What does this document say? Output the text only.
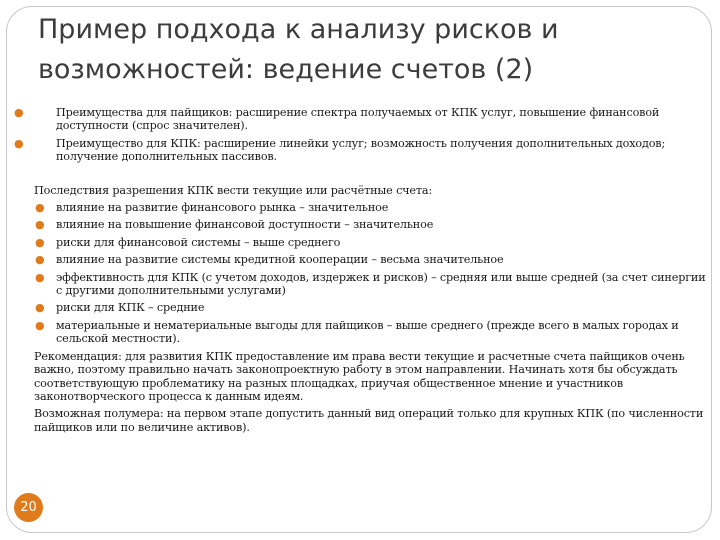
Пример подхода к анализу рисков и
возможностей: ведение счетов (2)
●	Преимущества для пайщиков: расширение спектра получаемых от КПК услуг, повышение финансовой доступности (спрос значителен).
●	Преимущество для КПК: расширение линейки услуг; возможность получения дополнительных доходов; получение дополнительных пассивов.

Последствия разрешения КПК вести текущие или расчётные счета:

● влияние на развитие финансового рынка – значительное
● влияние на повышение финансовой доступности – значительное
● риски для финансовой системы – выше среднего
● влияние на развитие системы кредитной кооперации – весьма значительное
● эффективность для КПК (с учетом доходов, издержек и рисков) – средняя или выше средней (за счет синергии с другими дополнительными услугами)
● риски для КПК – средние
● материальные и нематериальные выгоды для пайщиков – выше среднего (прежде всего в малых городах и сельской местности).

Рекомендация: для развития КПК предоставление им права вести текущие и расчетные счета пайщиков очень важно, поэтому правильно начать законопроектную работу в этом направлении. Начинать хотя бы обсуждать соответствующую проблематику на разных площадках, приучая общественное мнение и участников законотворческого процесса к данным идеям.

Возможная полумера: на первом этапе допустить данный вид операций только для крупных КПК (по численности пайщиков или по величине активов).

20
